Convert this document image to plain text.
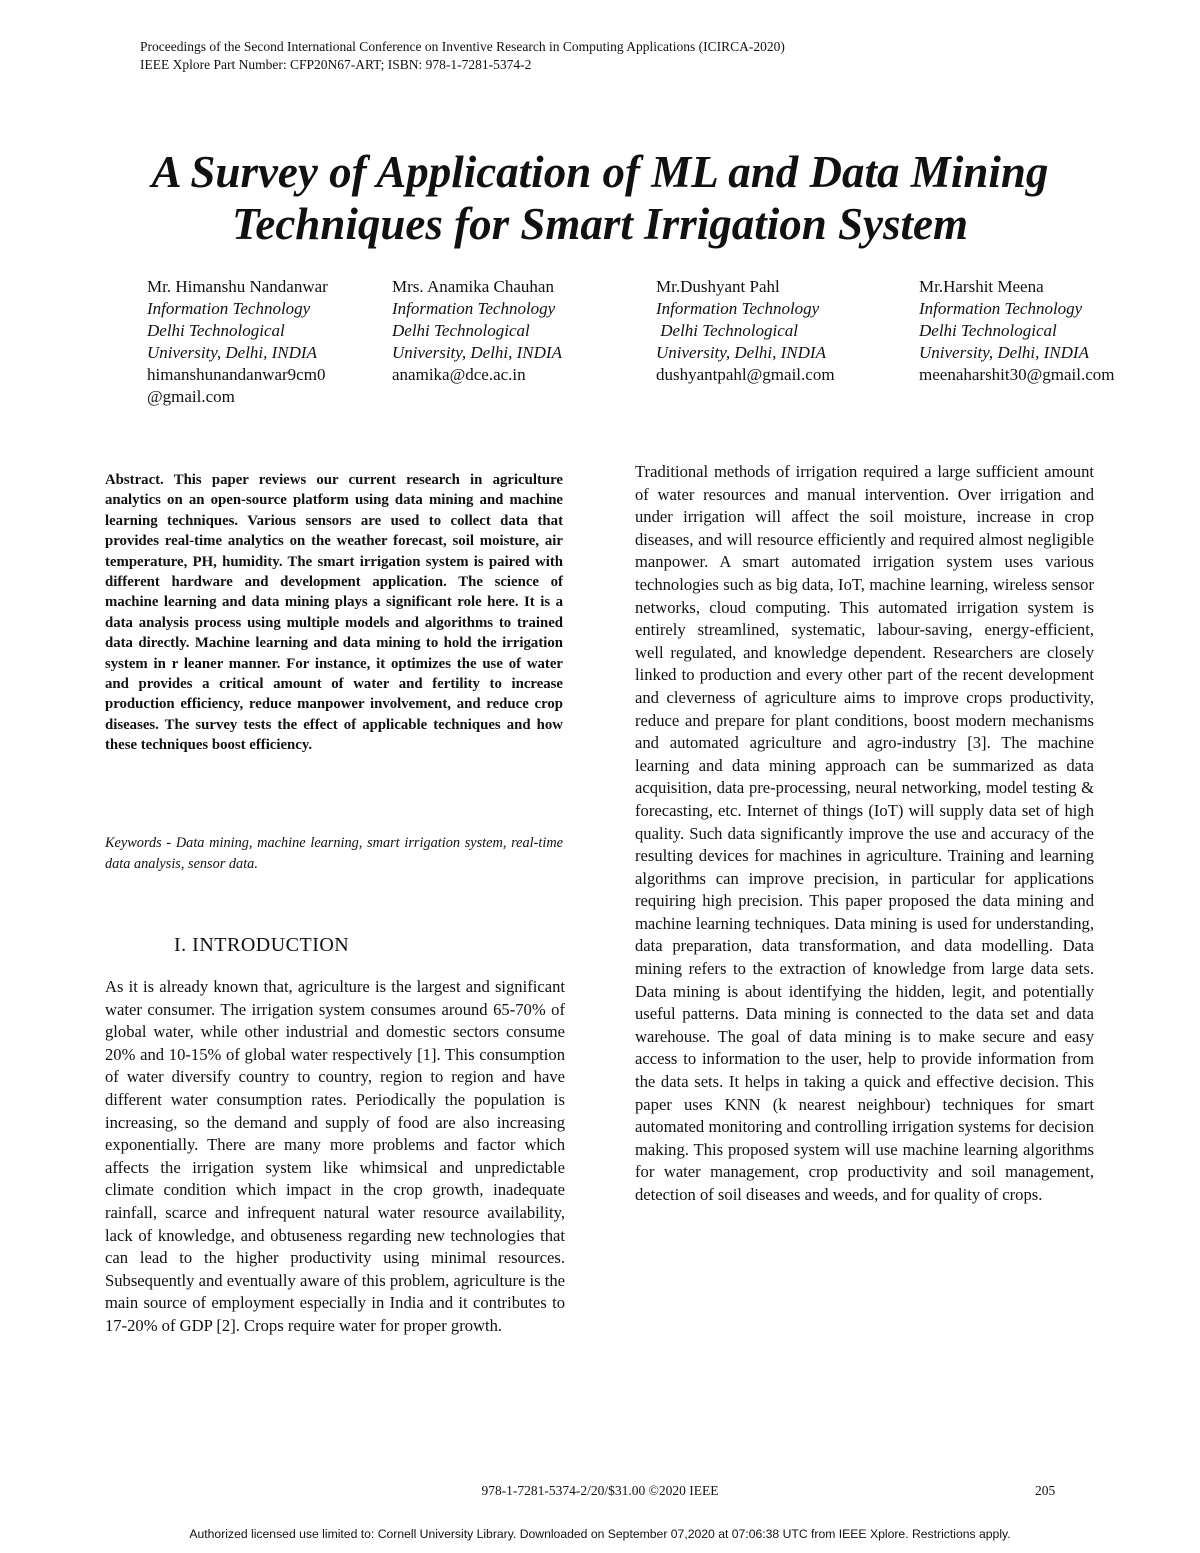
Proceedings of the Second International Conference on Inventive Research in Computing Applications (ICIRCA-2020)
IEEE Xplore Part Number: CFP20N67-ART; ISBN: 978-1-7281-5374-2
A Survey of Application of ML and Data Mining
Techniques for Smart Irrigation System
Mr. Himanshu Nandanwar
Information Technology
Delhi Technological
University, Delhi, INDIA
himanshunandanwar9cm0
@gmail.com
Mrs. Anamika Chauhan
Information Technology
Delhi Technological
University, Delhi, INDIA
anamika@dce.ac.in
Mr.Dushyant Pahl
Information Technology
Delhi Technological
University, Delhi, INDIA
dushyantpahl@gmail.com
Mr.Harshit Meena
Information Technology
Delhi Technological
University, Delhi, INDIA
meenaharshit30@gmail.com
Abstract. This paper reviews our current research in agriculture analytics on an open-source platform using data mining and machine learning techniques. Various sensors are used to collect data that provides real-time analytics on the weather forecast, soil moisture, air temperature, PH, humidity. The smart irrigation system is paired with different hardware and development application. The science of machine learning and data mining plays a significant role here. It is a data analysis process using multiple models and algorithms to trained data directly. Machine learning and data mining to hold the irrigation system in r leaner manner. For instance, it optimizes the use of water and provides a critical amount of water and fertility to increase production efficiency, reduce manpower involvement, and reduce crop diseases. The survey tests the effect of applicable techniques and how these techniques boost efficiency.
Keywords - Data mining, machine learning, smart irrigation system, real-time data analysis, sensor data.
I. INTRODUCTION
As it is already known that, agriculture is the largest and significant water consumer. The irrigation system consumes around 65-70% of global water, while other industrial and domestic sectors consume 20% and 10-15% of global water respectively [1]. This consumption of water diversify country to country, region to region and have different water consumption rates. Periodically the population is increasing, so the demand and supply of food are also increasing exponentially. There are many more problems and factor which affects the irrigation system like whimsical and unpredictable climate condition which impact in the crop growth, inadequate rainfall, scarce and infrequent natural water resource availability, lack of knowledge, and obtuseness regarding new technologies that can lead to the higher productivity using minimal resources. Subsequently and eventually aware of this problem, agriculture is the main source of employment especially in India and it contributes to 17-20% of GDP [2]. Crops require water for proper growth.
Traditional methods of irrigation required a large sufficient amount of water resources and manual intervention. Over irrigation and under irrigation will affect the soil moisture, increase in crop diseases, and will resource efficiently and required almost negligible manpower. A smart automated irrigation system uses various technologies such as big data, IoT, machine learning, wireless sensor networks, cloud computing. This automated irrigation system is entirely streamlined, systematic, labour-saving, energy-efficient, well regulated, and knowledge dependent. Researchers are closely linked to production and every other part of the recent development and cleverness of agriculture aims to improve crops productivity, reduce and prepare for plant conditions, boost modern mechanisms and automated agriculture and agro-industry [3]. The machine learning and data mining approach can be summarized as data acquisition, data pre-processing, neural networking, model testing & forecasting, etc. Internet of things (IoT) will supply data set of high quality. Such data significantly improve the use and accuracy of the resulting devices for machines in agriculture. Training and learning algorithms can improve precision, in particular for applications requiring high precision. This paper proposed the data mining and machine learning techniques. Data mining is used for understanding, data preparation, data transformation, and data modelling. Data mining refers to the extraction of knowledge from large data sets. Data mining is about identifying the hidden, legit, and potentially useful patterns. Data mining is connected to the data set and data warehouse. The goal of data mining is to make secure and easy access to information to the user, help to provide information from the data sets. It helps in taking a quick and effective decision. This paper uses KNN (k nearest neighbour) techniques for smart automated monitoring and controlling irrigation systems for decision making. This proposed system will use machine learning algorithms for water management, crop productivity and soil management, detection of soil diseases and weeds, and for quality of crops.
978-1-7281-5374-2/20/$31.00 ©2020 IEEE	205
Authorized licensed use limited to: Cornell University Library. Downloaded on September 07,2020 at 07:06:38 UTC from IEEE Xplore. Restrictions apply.
